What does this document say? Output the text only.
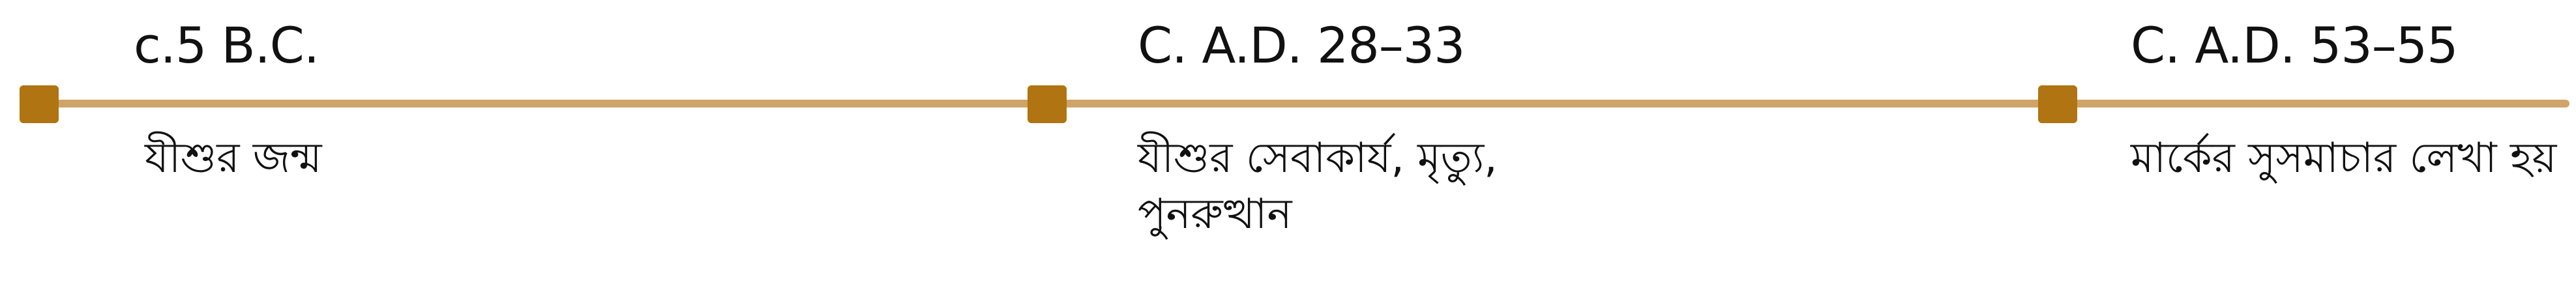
c.5 B.C.
যীশুর জন্ম
C. A.D. 28–33
যীশুর সেবাকার্য, মৃত্যু, পুনরুত্থান
C. A.D. 53–55
মার্কের সুসমাচার লেখা হয়
